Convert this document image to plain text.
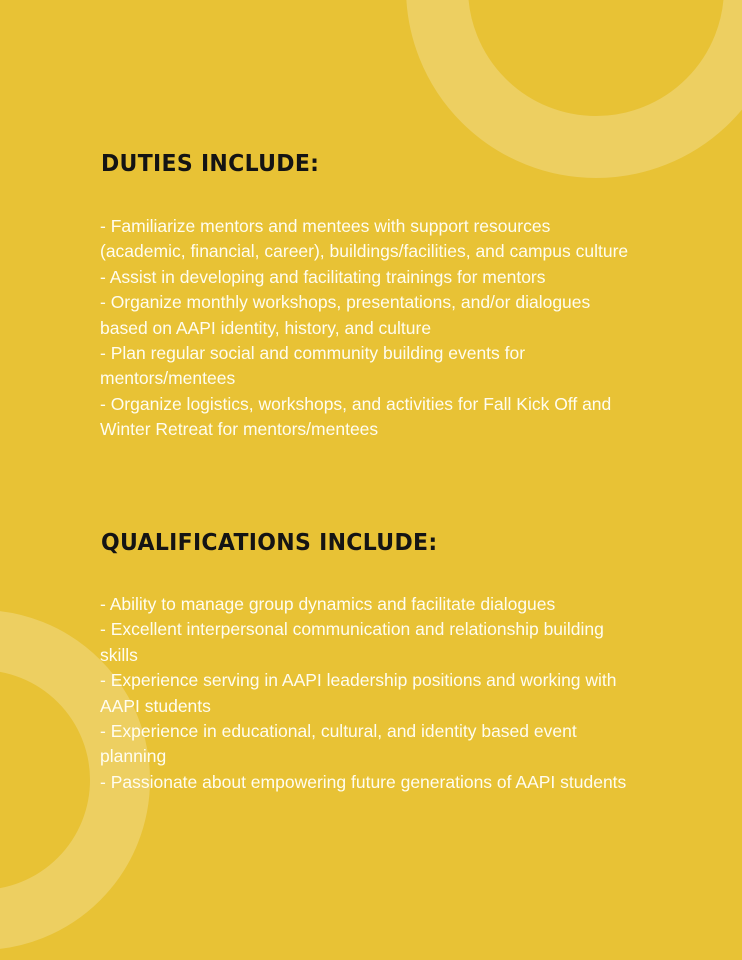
DUTIES INCLUDE:
- Familiarize mentors and mentees with support resources (academic, financial, career), buildings/facilities, and campus culture
- Assist in developing and facilitating trainings for mentors
- Organize monthly workshops, presentations, and/or dialogues based on AAPI identity, history, and culture
- Plan regular social and community building events for mentors/mentees
- Organize logistics, workshops, and activities for Fall Kick Off and Winter Retreat for mentors/mentees
QUALIFICATIONS INCLUDE:
- Ability to manage group dynamics and facilitate dialogues
- Excellent interpersonal communication and relationship building skills
- Experience serving in AAPI leadership positions and working with AAPI students
- Experience in educational, cultural, and identity based event planning
- Passionate about empowering future generations of AAPI students
